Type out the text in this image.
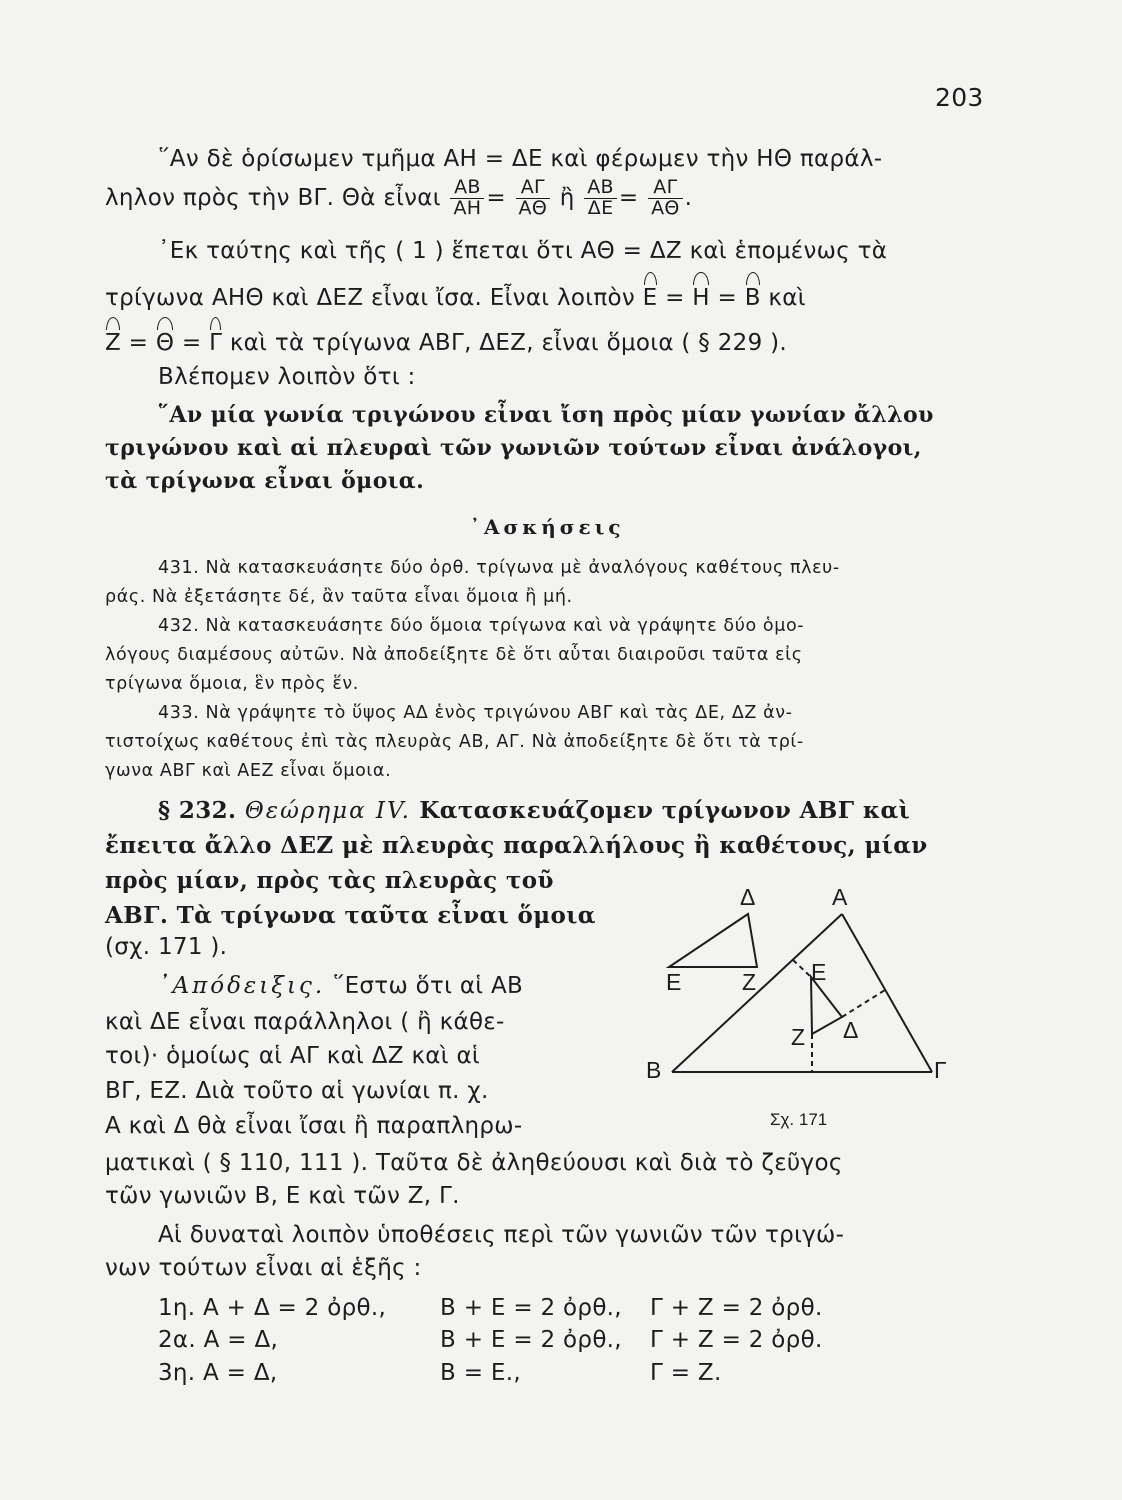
203
῞Αν δὲ ὁρίσωμεν τμῆμα ΑΗ = ΔΕ καὶ φέρωμεν τὴν ΗΘ παράλ-
ληλον πρὸς τὴν ΒΓ. Θὰ εἶναι $\frac{AB}{AH} = \frac{A\Gamma}{A\Theta}$ ἢ $\frac{AB}{\Delta E} = \frac{A\Gamma}{A\Theta}$ .
᾿Εκ ταύτης καὶ τῆς ( 1 ) ἕπεται ὅτι ΑΘ = ΔΖ καὶ ἑπομένως τὰ
τρίγωνα ΑΗΘ καὶ ΔΕΖ εἶναι ἴσα. Εἶναι λοιπὸν Ε = Η = Β καὶ
Ζ = Θ = Γ καὶ τὰ τρίγωνα ΑΒΓ, ΔΕΖ, εἶναι ὅμοια ( § 229 ).
Βλέπομεν λοιπὸν ὅτι :
῞Αν μία γωνία τριγώνου εἶναι ἴση πρὸς μίαν γωνίαν ἄλλου
τριγώνου καὶ αἱ πλευραὶ τῶν γωνιῶν τούτων εἶναι ἀνάλογοι,
τὰ τρίγωνα εἶναι ὅμοια.
᾿Ασκήσεις
431. Νὰ κατασκευάσητε δύο ὀρθ. τρίγωνα μὲ ἀναλόγους καθέτους πλευ-
ράς. Νὰ ἐξετάσητε δέ, ἂν ταῦτα εἶναι ὅμοια ἢ μή.
432. Νὰ κατασκευάσητε δύο ὅμοια τρίγωνα καὶ νὰ γράψητε δύο ὁμο-
λόγους διαμέσους αὐτῶν. Νὰ ἀποδείξητε δὲ ὅτι αὗται διαιροῦσι ταῦτα εἰς
τρίγωνα ὅμοια, ἓν πρὸς ἕν.
433. Νὰ γράψητε τὸ ὕψος ΑΔ ἑνὸς τριγώνου ΑΒΓ καὶ τὰς ΔΕ, ΔΖ ἀν-
τιστοίχως καθέτους ἐπὶ τὰς πλευρὰς ΑΒ, ΑΓ. Νὰ ἀποδείξητε δὲ ὅτι τὰ τρί-
γωνα ΑΒΓ καὶ ΑΕΖ εἶναι ὅμοια.
§ 232. Θεώρημα IV. Κατασκευάζομεν τρίγωνον ΑΒΓ καὶ
ἔπειτα ἄλλο ΔΕΖ μὲ πλευρὰς παραλλήλους ἢ καθέτους, μίαν
πρὸς μίαν, πρὸς τὰς πλευρὰς τοῦ
ΑΒΓ. Τὰ τρίγωνα ταῦτα εἶναι ὅμοια
(σχ. 171 ).
᾿Απόδειξις. ῞Εστω ὅτι αἱ ΑΒ
καὶ ΔΕ εἶναι παράλληλοι ( ἢ κάθε-
τοι)· ὁμοίως αἱ ΑΓ καὶ ΔΖ καὶ αἱ
ΒΓ, ΕΖ. Διὰ τοῦτο αἱ γωνίαι π. χ.
Α καὶ Δ θὰ εἶναι ἴσαι ἢ παραπληρω-
ματικαὶ ( § 110, 111 ). Ταῦτα δὲ ἀληθεύουσι καὶ διὰ τὸ ζεῦγος
τῶν γωνιῶν Β, Ε καὶ τῶν Ζ, Γ.
Αἱ δυναταὶ λοιπὸν ὑποθέσεις περὶ τῶν γωνιῶν τῶν τριγώ-
νων τούτων εἶναι αἱ ἑξῆς :
1η. Α + Δ = 2 ὀρθ., Β + Ε = 2 ὀρθ., Γ + Ζ = 2 ὀρθ.
2α. Α = Δ,	Β + Ε = 2 ὀρθ., Γ + Ζ = 2 ὀρθ.
3η. Α = Δ,	Β = Ε.,	Γ = Ζ.
Δ	Α
Ε	Ζ Ε
Ζ Δ
Β	Γ
Σχ. 171
